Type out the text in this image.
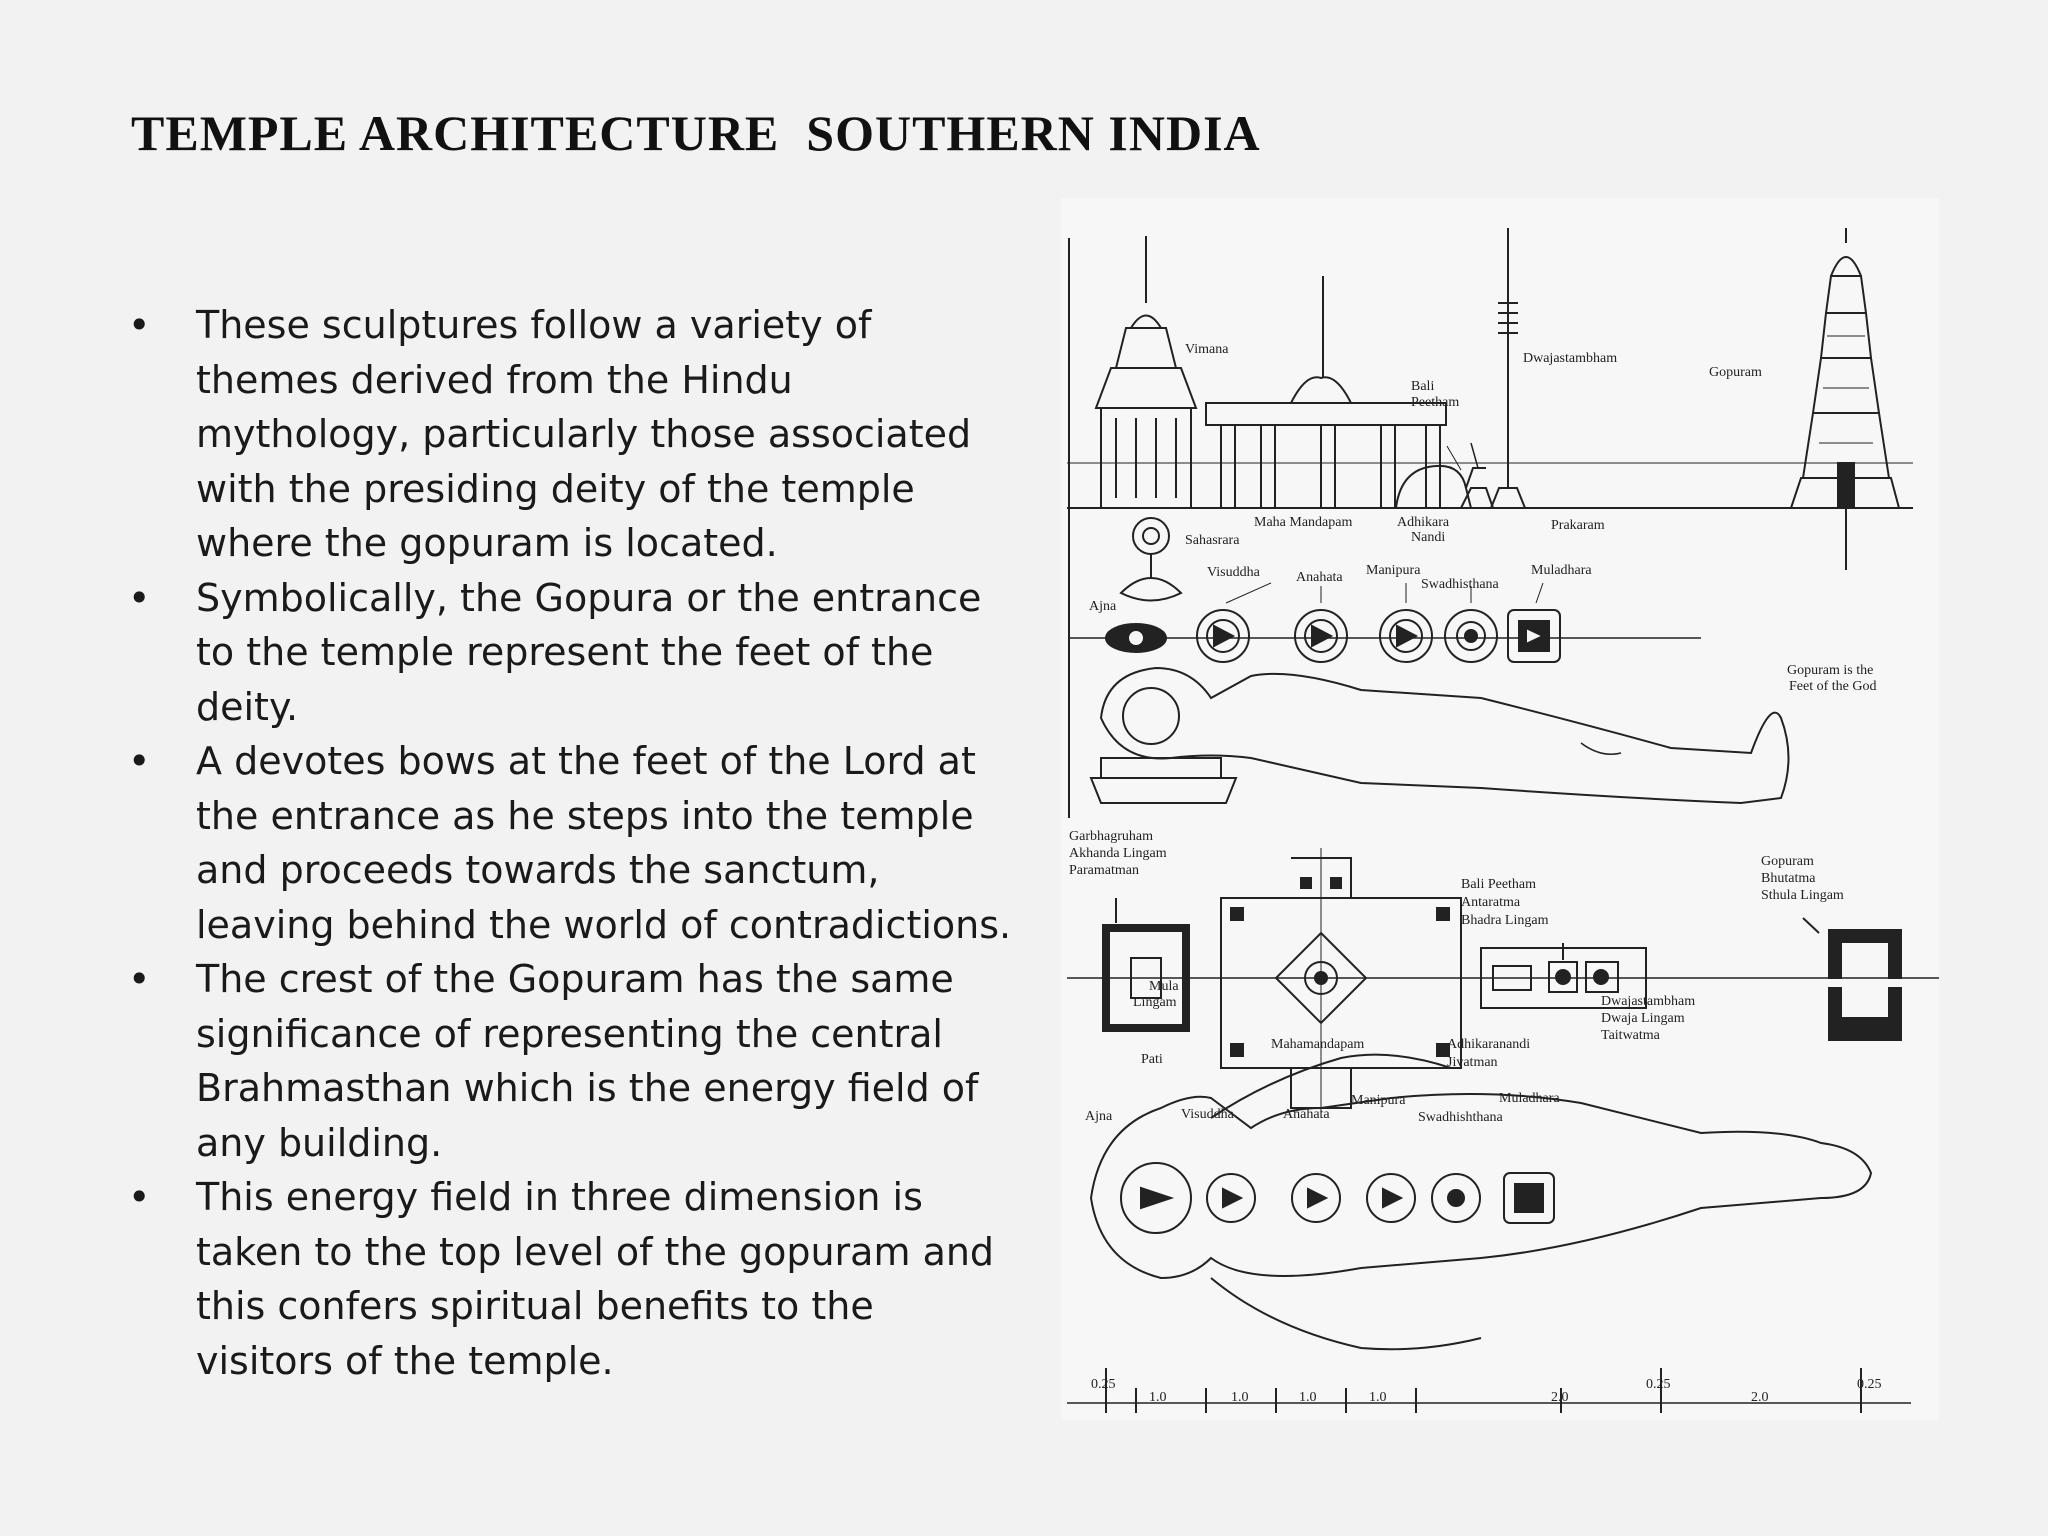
TEMPLE ARCHITECTURE  SOUTHERN INDIA
• These sculptures follow a variety of themes derived from the Hindu mythology, particularly those associated with the presiding deity of the temple where the gopuram is located.
• Symbolically, the Gopura or the entrance to the temple represent the feet of the deity.
• A devotes bows at the feet of the Lord at the entrance as he steps into the temple and proceeds towards the sanctum, leaving behind the world of contradictions.
• The crest of the Gopuram has the same significance of representing the central Brahmasthan which is the energy field of any building.
• This energy field in three dimension is taken to the top level of the gopuram and this confers spiritual benefits to the visitors of the temple.
Vimana
Dwajastambham
Gopuram
Bali
Peetham
Maha Mandapam	Adhikara
Nandi
Prakaram
Sahasrara
Visuddha	Anahata Manipura
Swadhisthana
Muladhara
Ajna
Gopuram is the
Feet of the God
Garbhagruham
Akhanda Lingam
Paramatman
Bali Peetham
Antaratma
Bhadra Lingam
Gopuram
Bhutatma
Sthula Lingam
Mula
Lingam	Dwajastambham
Dwaja Lingam
Taitwatma
Mahamandapam	Adhikaranandi
Jivatman
Pati
Ajna	Visuddha	Anahata
Manipura	Muladhara
Swadhishthana
0.25
1.0	1.0	1.0	1.0	2.0
0.25
2.0
0.25
